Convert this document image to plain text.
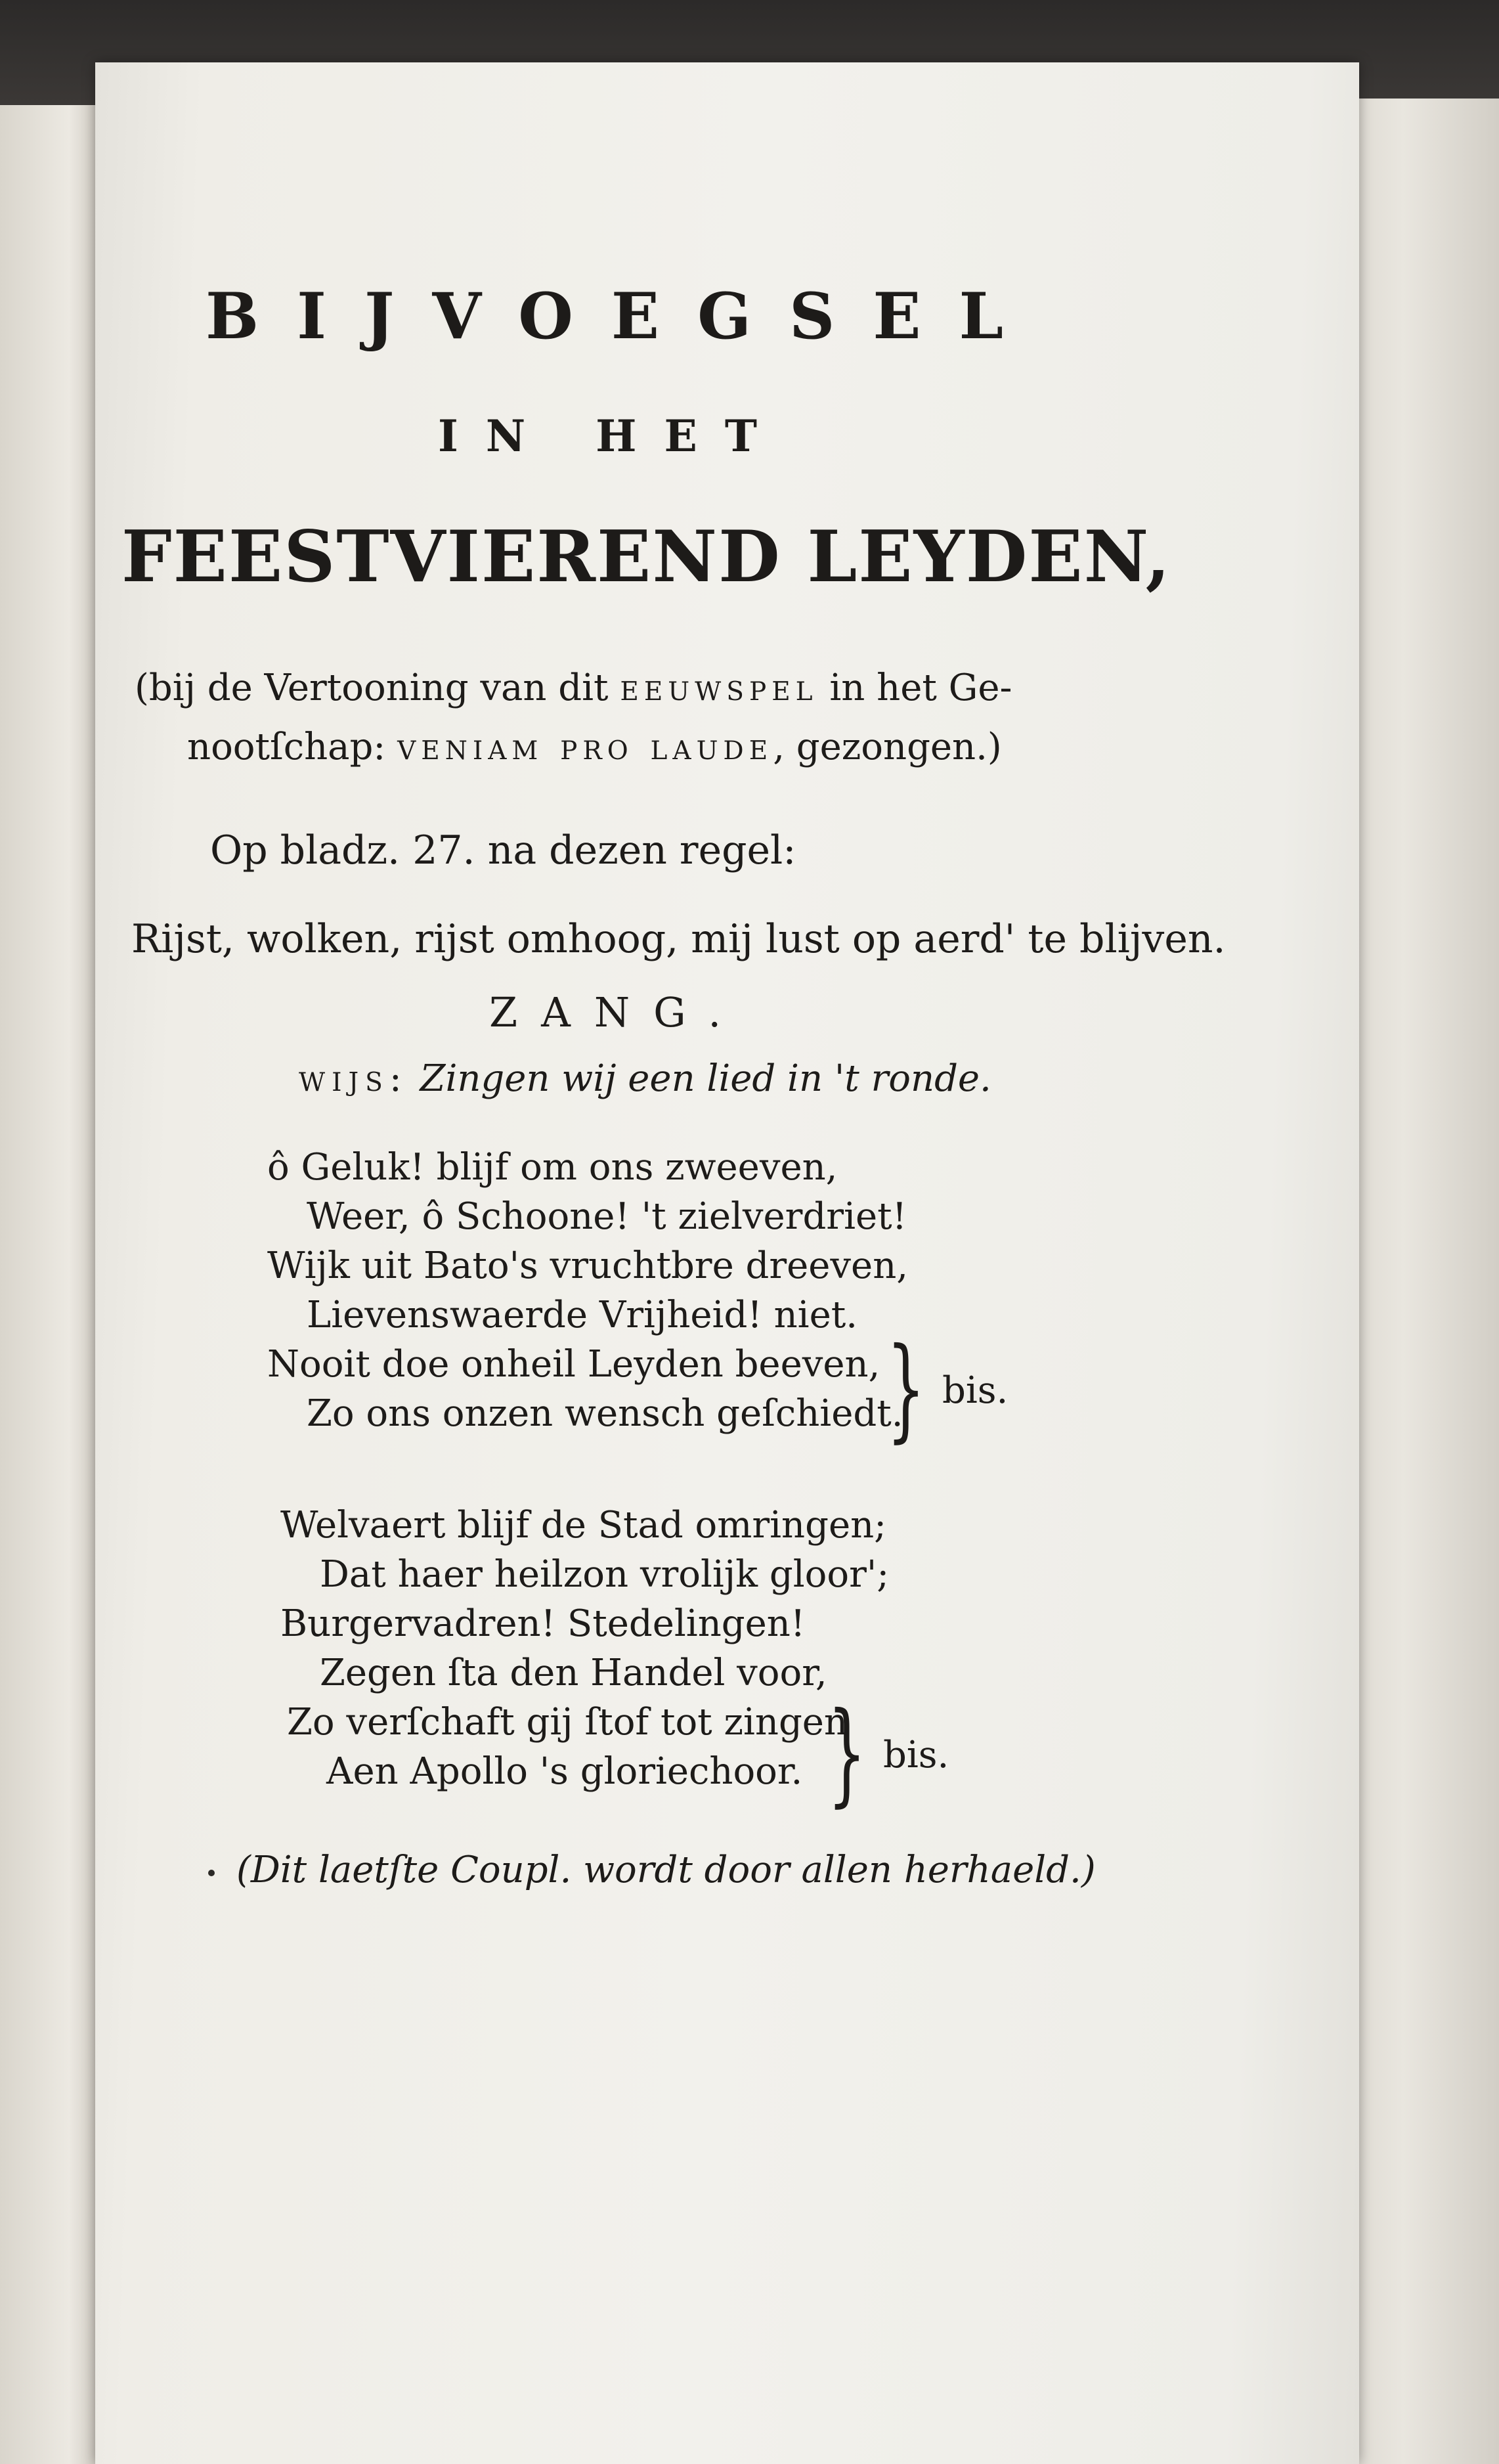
BIJVOEGSEL

IN HET

FEESTVIEREND LEYDEN,

(bij de Vertooning van dit eeuwspel in het Ge-

nootſchap: veniam pro laude, gezongen.)

Op bladz. 27. na dezen regel:

Rijst, wolken, rijst omhoog, mij lust op aerd' te blijven.

ZANG.

wijs: Zingen wij een lied in 't ronde.

ô Geluk! blijf om ons zweeven,

Weer, ô Schoone! 't zielverdriet!

Wijk uit Bato's vruchtbre dreeven,

Lievenswaerde Vrijheid! niet.

Nooit doe onheil Leyden beeven,

Zo ons onzen wensch geſchiedt.

} bis.

Welvaert blijf de Stad omringen;

Dat haer heilzon vrolijk gloor';

Burgervadren! Stedelingen!

Zegen ſta den Handel voor,

Zo verſchaft gij ſtof tot zingen

Aen Apollo 's gloriechoor. } bis.

(Dit laetſte Coupl. wordt door allen herhaeld.)
